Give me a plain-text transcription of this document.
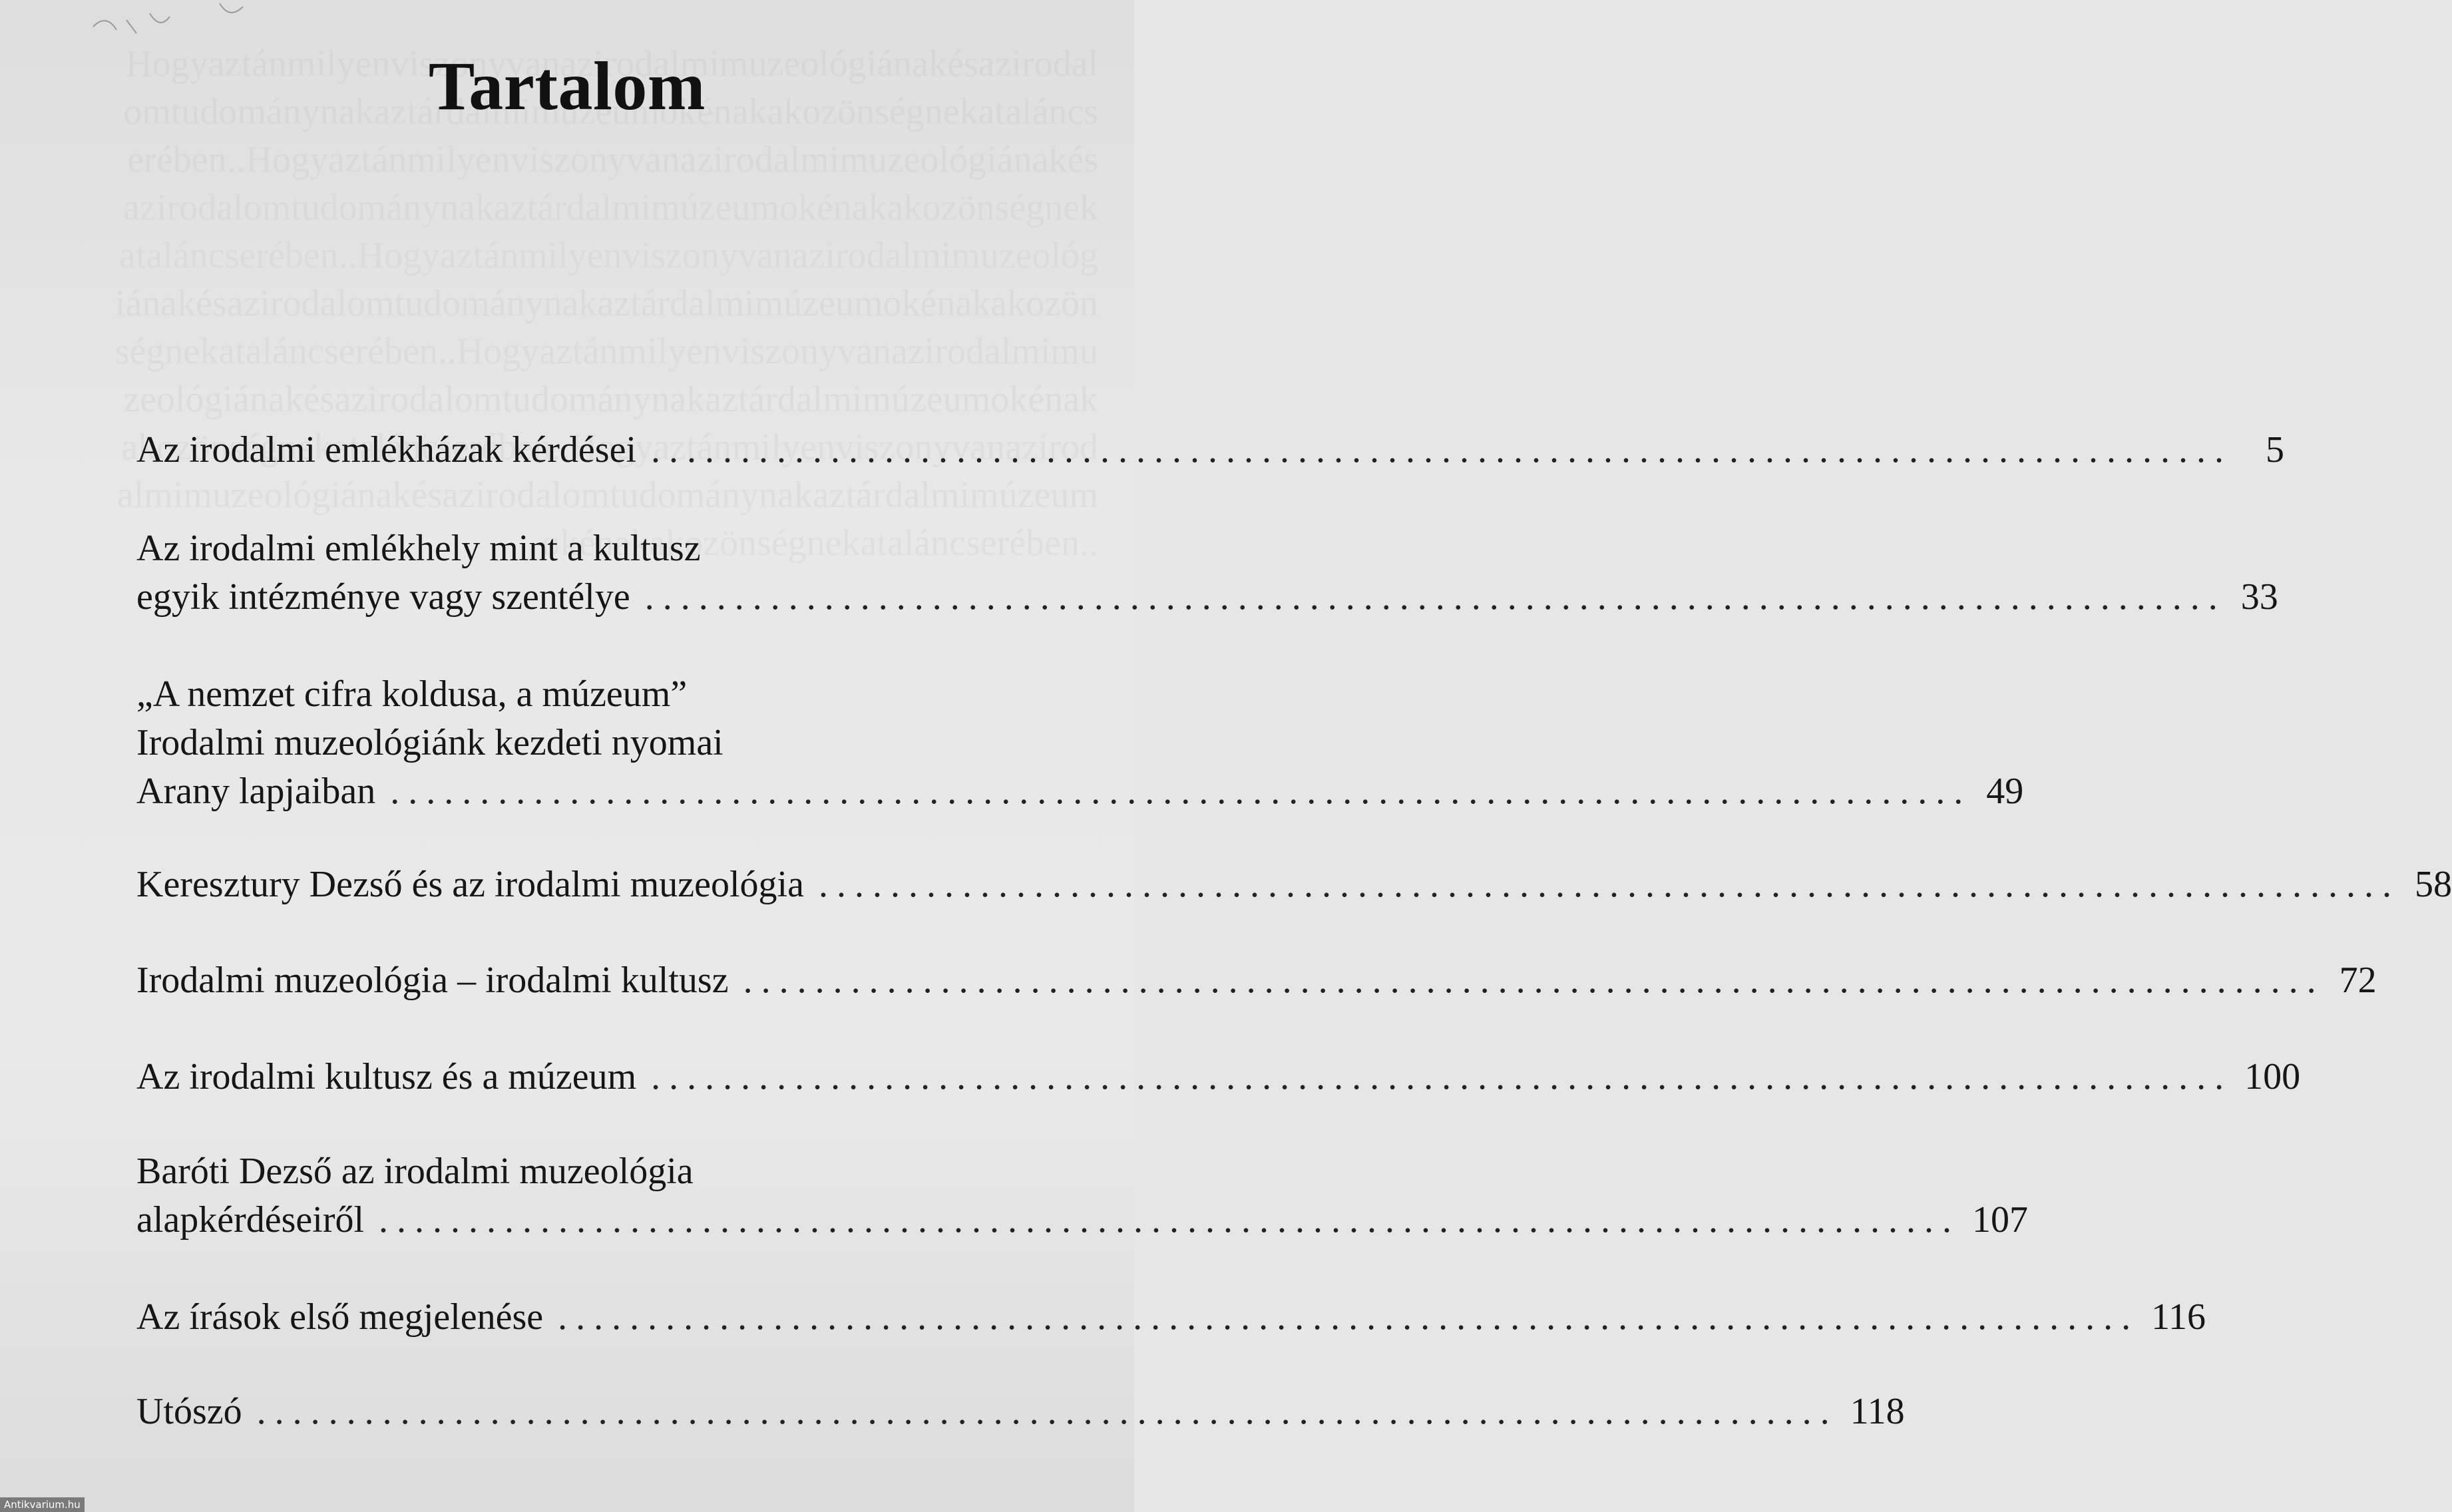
Tartalom
Az irodalmi emlékházak kérdései ........................................................................................ 5
Az irodalmi emlékhely mint a kultusz
egyik intézménye vagy szentélye ........................................................................................ 33
„A nemzet cifra koldusa, a múzeum”
Irodalmi muzeológiánk kezdeti nyomai
Arany lapjaiban ........................................................................................ 49
Keresztury Dezső és az irodalmi muzeológia ........................................................................................ 58
Irodalmi muzeológia – irodalmi kultusz ........................................................................................ 72
Az irodalmi kultusz és a múzeum ........................................................................................ 100
Baróti Dezső az irodalmi muzeológia
alapkérdéseiről ........................................................................................ 107
Az írások első megjelenése ........................................................................................ 116
Utószó ........................................................................................ 118
Antikvarium.hu
